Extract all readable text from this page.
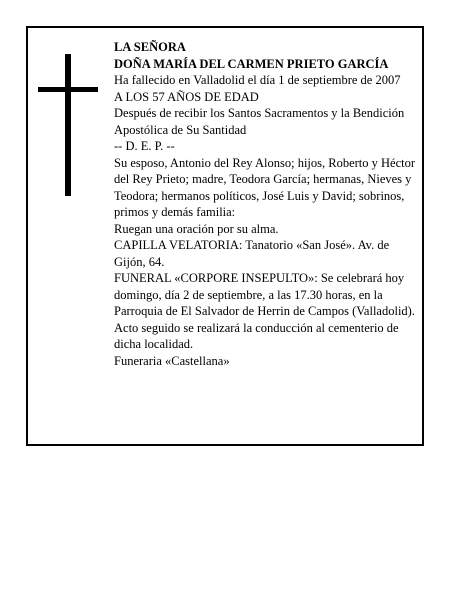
LA SEÑORA

DOÑA MARÍA DEL CARMEN PRIETO GARCÍA

Ha fallecido en Valladolid el día 1 de septiembre de 2007

A LOS 57 AÑOS DE EDAD

Después de recibir los Santos Sacramentos y la Bendición Apostólica de Su Santidad

-- D. E. P. --

Su esposo, Antonio del Rey Alonso; hijos, Roberto y Héctor del Rey Prieto; madre, Teodora García; hermanas, Nieves y Teodora; hermanos políticos, José Luis y David; sobrinos, primos y demás familia:

Ruegan una oración por su alma.

CAPILLA VELATORIA: Tanatorio «San José». Av. de Gijón, 64.

FUNERAL «CORPORE INSEPULTO»: Se celebrará hoy domingo, día 2 de septiembre, a las 17.30 horas, en la Parroquia de El Salvador de Herrin de Campos (Valladolid). Acto seguido se realizará la conducción al cementerio de dicha localidad.

Funeraria «Castellana»
